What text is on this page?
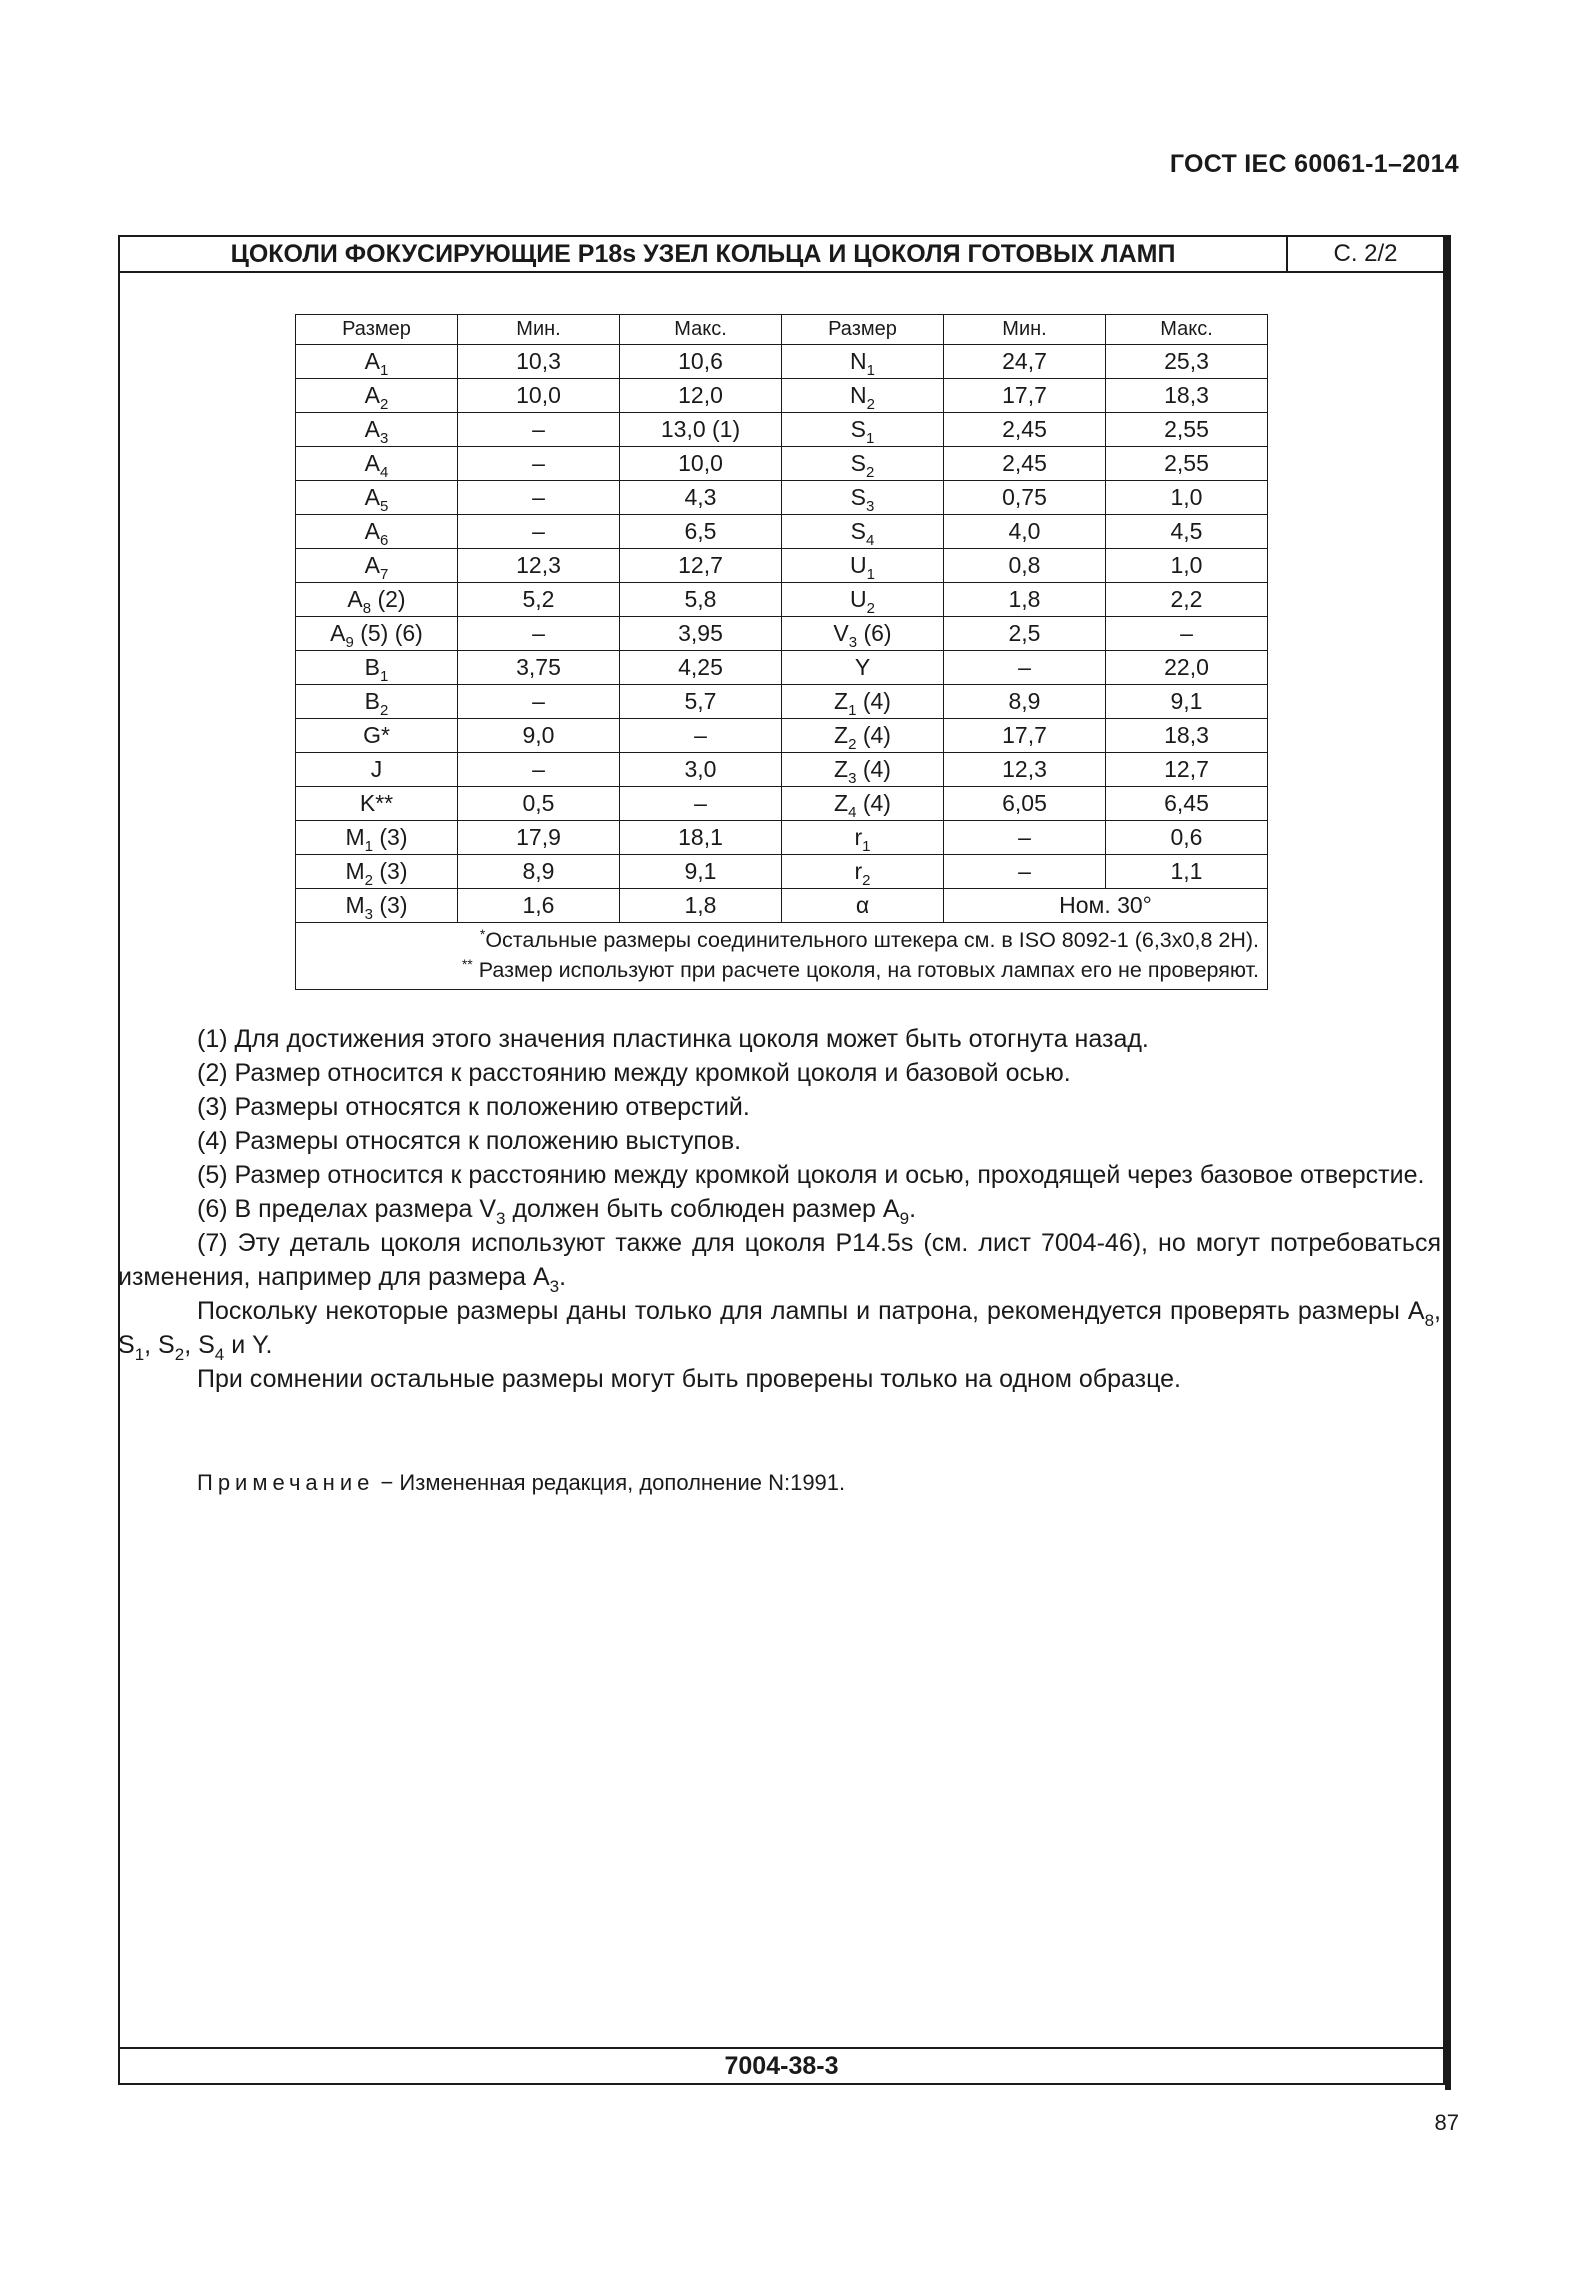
ГОСТ IEC 60061-1–2014
ЦОКОЛИ ФОКУСИРУЮЩИЕ P18s УЗЕЛ КОЛЬЦА И ЦОКОЛЯ ГОТОВЫХ ЛАМП	С. 2/2
7004-38-3
Размер	Мин.	Макс.	Размер	Мин.	Макс.
$A_1$	10,3	10,6	$N_1$	24,7	25,3
$A_2$	10,0	12,0	$N_2$	17,7	18,3
$A_3$	–	13,0 (1)	$S_1$	2,45	2,55
$A_4$	–	10,0	$S_2$	2,45	2,55
$A_5$	–	4,3	$S_3$	0,75	1,0
$A_6$	–	6,5	$S_4$	4,0	4,5
$A_7$	12,3	12,7	$U_1$	0,8	1,0
$A_8$ (2)	5,2	5,8	$U_2$	1,8	2,2
$A_9$ (5) (6)	–	3,95	$V_3$ (6)	2,5	–
$B_1$	3,75	4,25	Y	–	22,0
$B_2$	–	5,7	$Z_1$ (4)	8,9	9,1
G*	9,0	–	$Z_2$ (4)	17,7	18,3
J	–	3,0	$Z_3$ (4)	12,3	12,7
K**	0,5	–	$Z_4$ (4)	6,05	6,45
$M_1$ (3)	17,9	18,1	$r_1$	–	0,6
$M_2$ (3)	8,9	9,1	$r_2$	–	1,1
$M_3$ (3)	1,6	1,8	α	Ном. 30°	

*Остальные размеры соединительного штекера см. в ISO 8092-1 (6,3х0,8 2H).
** Размер используют при расчете цоколя, на готовых лампах его не проверяют.					

(1) Для достижения этого значения пластинка цоколя может быть отогнута назад.

(2) Размер относится к расстоянию между кромкой цоколя и базовой осью.

(3) Размеры относятся к положению отверстий.

(4) Размеры относятся к положению выступов.

(5) Размер относится к расстоянию между кромкой цоколя и осью, проходящей через базовое отверстие.

(6) В пределах размера $V_3$ должен быть соблюден размер $A_9$.

(7) Эту деталь цоколя используют также для цоколя P14.5s (см. лист 7004-46), но могут потребоваться изменения, например для размера $A_3$.

Поскольку некоторые размеры даны только для лампы и патрона, рекомендуется проверять размеры $A_8$, $S_1$, $S_2$, $S_4$ и Y.

При сомнении остальные размеры могут быть проверены только на одном образце.

Примечание − Измененная редакция, дополнение N:1991.
87
